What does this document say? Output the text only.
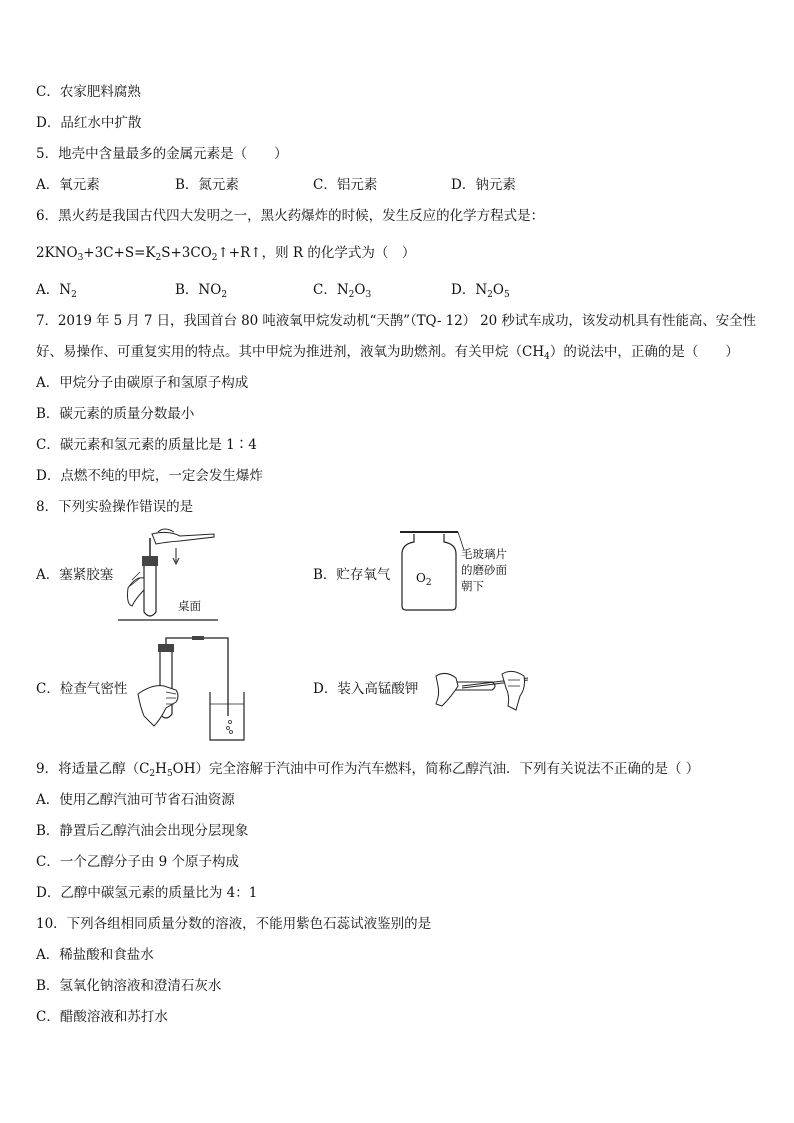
C．农家肥料腐熟
D．品红水中扩散
5．地壳中含量最多的金属元素是（　　）
A．氧元素	B．氮元素	C．铝元素	D．钠元素
6．黑火药是我国古代四大发明之一，黑火药爆炸的时候，发生反应的化学方程式是：
$2KNO_3+3C+S=K_2S+3CO_2↑+R↑$，则 R 的化学式为（　）
A．$N_2$	B．$NO_2$	C．$N_2O_3$	D．$N_2O_5$
7．2019 年 5 月 7 日，我国首台 80 吨液氧甲烷发动机“天鹊”（TQ- 12） 20 秒试车成功，该发动机具有性能高、安全性
好、易操作、可重复实用的特点。其中甲烷为推进剂，液氧为助燃剂。有关甲烷$(CH_4)$的说法中，正确的是（　　）
A．甲烷分子由碳原子和氢原子构成
B．碳元素的质量分数最小
C．碳元素和氢元素的质量比是 1∶4
D．点燃不纯的甲烷，一定会发生爆炸
8．下列实验操作错误的是
A．塞紧胶塞
桌面
B．贮存氧气 $O_2$
毛玻璃片
的磨砂面
朝下
C．检查气密性	D．装入高锰酸钾
9．将适量乙醇$(C_2H_5OH)$完全溶解于汽油中可作为汽车燃料，简称乙醇汽油．下列有关说法不正确的是（ ）
A．使用乙醇汽油可节省石油资源
B．静置后乙醇汽油会出现分层现象
C．一个乙醇分子由 9 个原子构成
D．乙醇中碳氢元素的质量比为 4：1
10．下列各组相同质量分数的溶液，不能用紫色石蕊试液鉴别的是
A．稀盐酸和食盐水
B．氢氧化钠溶液和澄清石灰水
C．醋酸溶液和苏打水
